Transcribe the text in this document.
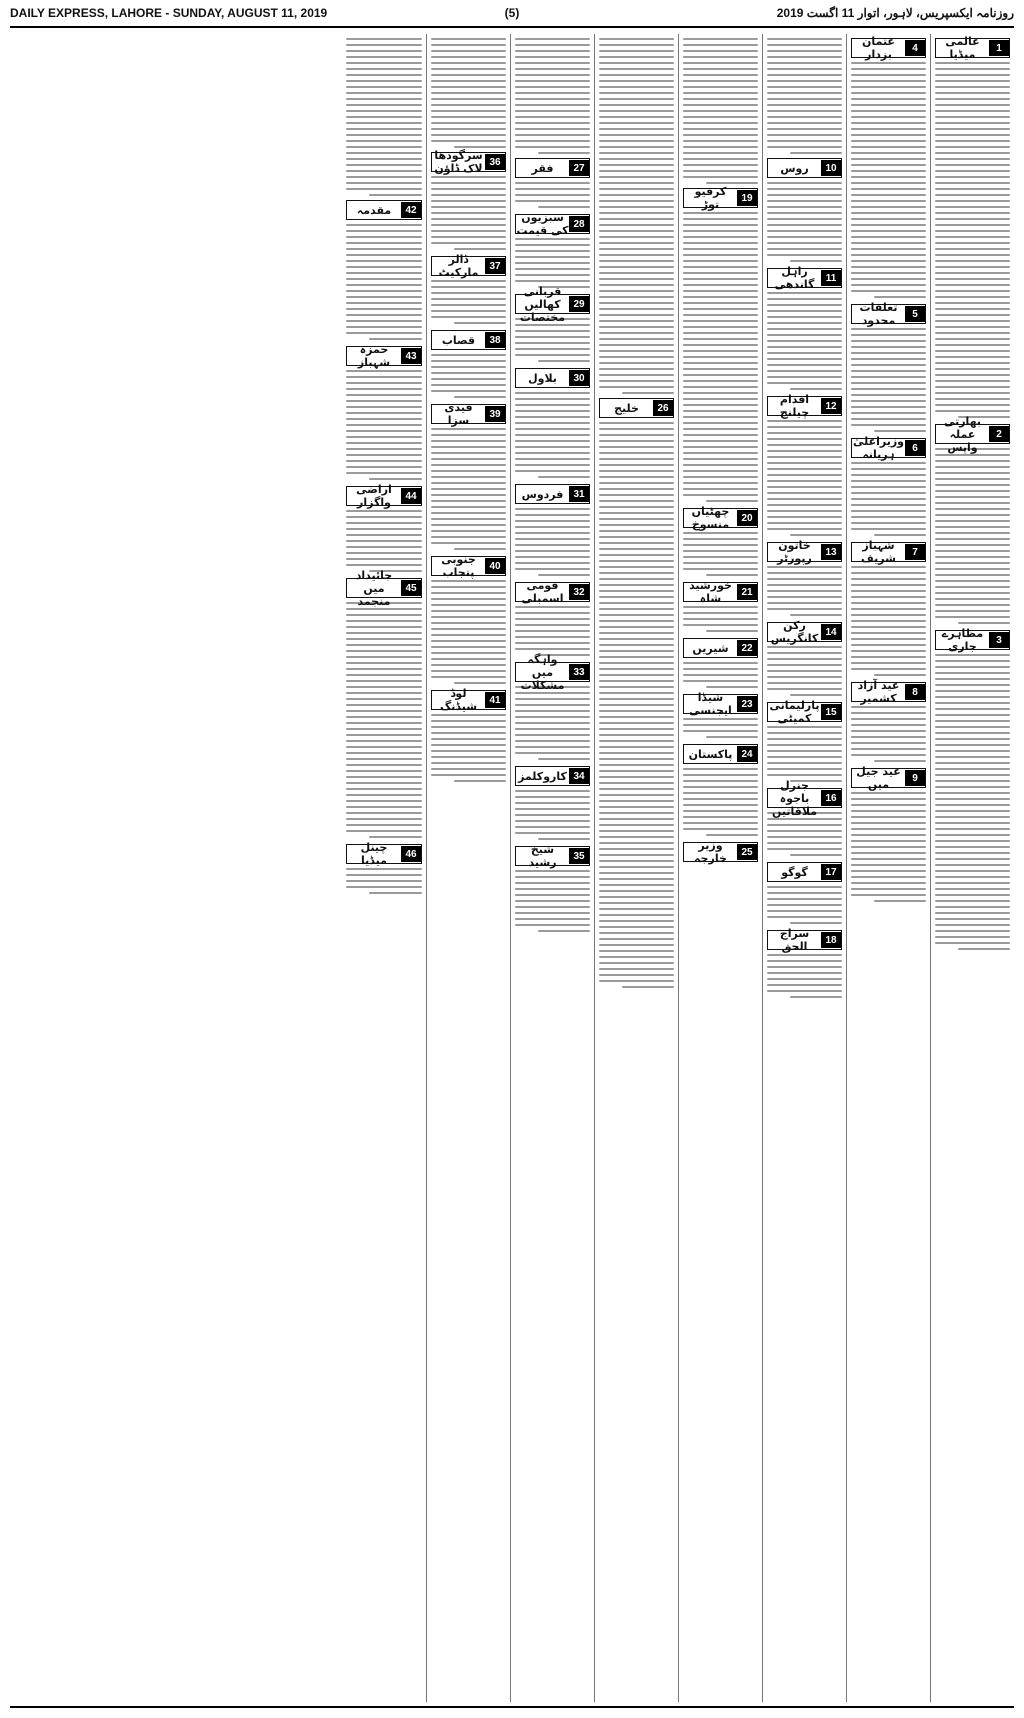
DAILY EXPRESS, LAHORE - SUNDAY, AUGUST 11, 2019	(5)	روزنامہ ایکسپریس، لاہور، اتوار 11 اگست 2019
1
عالمی میڈیا
2
بھارتی عملہ واپس
3
مظاہرے جاری
4
عثمان بزدار
5
تعلقات محدود
6
وزیراعلیٰ ہریانہ
7
شہباز شریف
8
عید آزاد کشمیر
9
عید جیل میں
10
روس
11
راہل گاندھی
12
اقدام چیلنج
13
خاتون رپورٹر
14
رکن کانگریس
15
پارلیمانی کمیٹی
16
جنرل باجوہ ملاقاتیں
17
گوگو
18
سراج الحق
19
کرفیو توڑ
20
چھٹیاں منسوخ
21
خورشید شاہ
22
شیریں
23
شیڈا ایجنسی
24
پاکستان
25
وزیر خارجہ
26
خلیج
27
فقر
28
سبزیوں کی قیمت
29
قربانی کھالیں مختصات
30
بلاول
31
فردوس
32
قومی اسمبلی
33
واہگہ میں مشکلات
34
کاروکلمز
35
شیخ رشید
36
سرگودھا لاک ڈاؤن
37
ڈالر مارکیٹ
38
قصاب
39
قیدی سزا
40
جنوبی پنجاب
41
لوڈ شیڈنگ
42
مقدمہ
43
حمزہ شہباز
44
اراضی واگزار
45
جائیداد میں منجمد
46
چینل میڈیا
